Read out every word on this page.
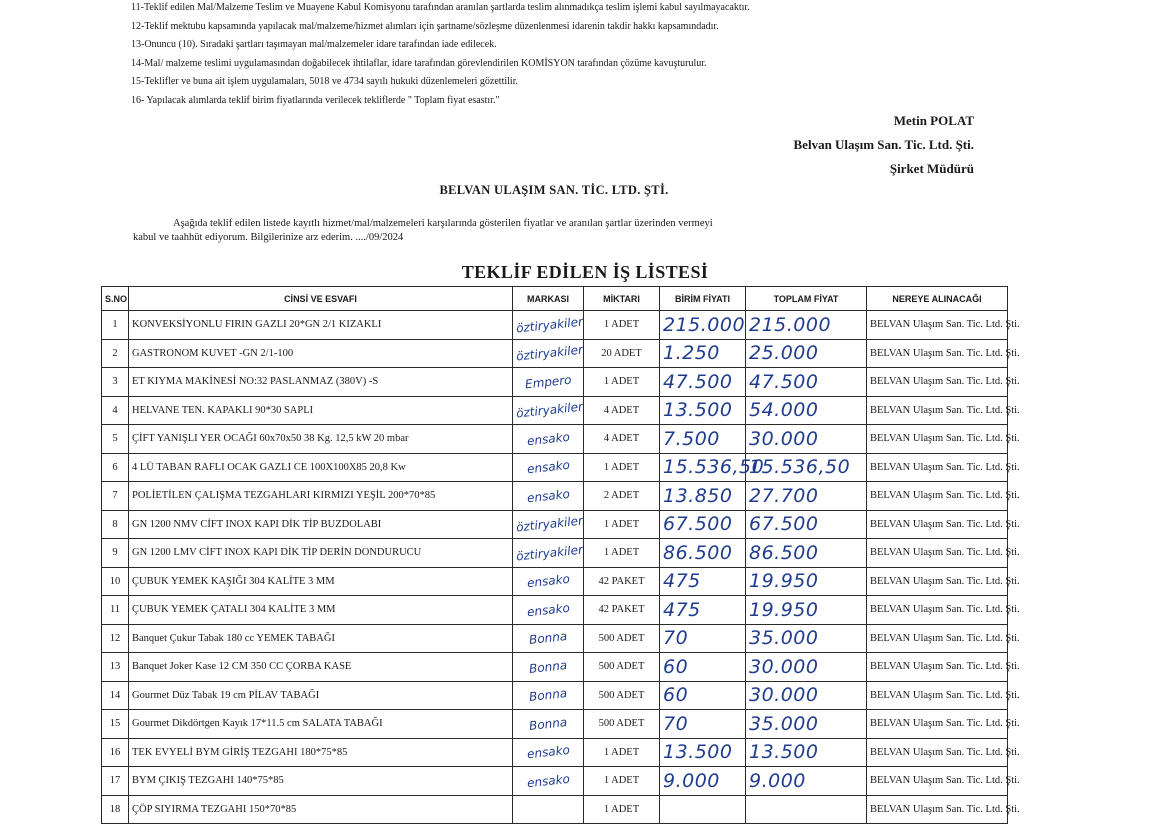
11-Teklif edilen Mal/Malzeme Teslim ve Muayene Kabul Komisyonu tarafından aranılan şartlarda teslim alınmadıkça teslim işlemi kabul sayılmayacaktır.
12-Teklif mektubu kapsamında yapılacak mal/malzeme/hizmet alımları için şartname/sözleşme düzenlenmesi idarenin takdir hakkı kapsamındadır.
13-Onuncu (10). Sıradaki şartları taşımayan mal/malzemeler idare tarafından iade edilecek.
14-Mal/ malzeme teslimi uygulamasından doğabilecek ihtilaflar, idare tarafından görevlendirilen KOMİSYON tarafından çözüme kavuşturulur.
15-Teklifler ve buna ait işlem uygulamaları, 5018 ve 4734 sayılı hukuki düzenlemeleri gözettilir.
16- Yapılacak alımlarda teklif birim fiyatlarında verilecek tekliflerde " Toplam fiyat esastır."
Metin POLAT
Belvan Ulaşım San. Tic. Ltd. Şti.
Şirket Müdürü
BELVAN ULAŞIM SAN. TİC. LTD. ŞTİ.

Aşağıda teklif edilen listede kayıtlı hizmet/mal/malzemeleri karşılarında gösterilen fiyatlar ve aranılan şartlar üzerinden vermeyi

kabul ve taahhüt ediyorum. Bilgilerinize arz ederim. ..../09/2024

TEKLİF EDİLEN İŞ LİSTESİ
S.NO	CİNSİ VE ESVAFI	MARKASI	MİKTARI	BİRİM FİYATI	TOPLAM FİYAT	NEREYE ALINACAĞI
1	KONVEKSİYONLU FIRIN GAZLI 20*GN 2/1 KIZAKLI	öztiryakiler	1 ADET	215.000	215.000	BELVAN Ulaşım San. Tic. Ltd. Şti.
2	GASTRONOM KUVET -GN 2/1-100	öztiryakiler	20 ADET	1.250	25.000	BELVAN Ulaşım San. Tic. Ltd. Şti.
3	ET KIYMA MAKİNESİ NO:32 PASLANMAZ (380V) -S	Empero	1 ADET	47.500	47.500	BELVAN Ulaşım San. Tic. Ltd. Şti.
4	HELVANE TEN. KAPAKLI 90*30 SAPLI	öztiryakiler	4 ADET	13.500	54.000	BELVAN Ulaşım San. Tic. Ltd. Şti.
5	ÇİFT YANIŞLI YER OCAĞI 60x70x50 38 Kg. 12,5 kW 20 mbar	ensako	4 ADET	7.500	30.000	BELVAN Ulaşım San. Tic. Ltd. Şti.
6	4 LÜ TABAN RAFLI OCAK GAZLI CE 100X100X85 20,8 Kw	ensako	1 ADET	15.536,50	15.536,50	BELVAN Ulaşım San. Tic. Ltd. Şti.
7	POLİETİLEN ÇALIŞMA TEZGAHLARI KIRMIZI YEŞİL 200*70*85	ensako	2 ADET	13.850	27.700	BELVAN Ulaşım San. Tic. Ltd. Şti.
8	GN 1200 NMV CİFT INOX KAPI DİK TİP BUZDOLABI	öztiryakiler	1 ADET	67.500	67.500	BELVAN Ulaşım San. Tic. Ltd. Şti.
9	GN 1200 LMV CİFT INOX KAPI DİK TİP DERİN DONDURUCU	öztiryakiler	1 ADET	86.500	86.500	BELVAN Ulaşım San. Tic. Ltd. Şti.
10	ÇUBUK YEMEK KAŞIĞI 304 KALİTE 3 MM	ensako	42 PAKET	475	19.950	BELVAN Ulaşım San. Tic. Ltd. Şti.
11	ÇUBUK YEMEK ÇATALI 304 KALİTE 3 MM	ensako	42 PAKET	475	19.950	BELVAN Ulaşım San. Tic. Ltd. Şti.
12	Banquet Çukur Tabak 180 cc YEMEK TABAĞI	Bonna	500 ADET	70	35.000	BELVAN Ulaşım San. Tic. Ltd. Şti.
13	Banquet Joker Kase 12 CM 350 CC ÇORBA KASE	Bonna	500 ADET	60	30.000	BELVAN Ulaşım San. Tic. Ltd. Şti.
14	Gourmet Düz Tabak 19 cm PİLAV TABAĞI	Bonna	500 ADET	60	30.000	BELVAN Ulaşım San. Tic. Ltd. Şti.
15	Gourmet Dikdörtgen Kayık 17*11.5 cm SALATA TABAĞI	Bonna	500 ADET	70	35.000	BELVAN Ulaşım San. Tic. Ltd. Şti.
16	TEK EVYELİ BYM GİRİŞ TEZGAHI 180*75*85	ensako	1 ADET	13.500	13.500	BELVAN Ulaşım San. Tic. Ltd. Şti.
17	BYM ÇIKIŞ TEZGAHI 140*75*85	ensako	1 ADET	9.000	9.000	BELVAN Ulaşım San. Tic. Ltd. Şti.
18	ÇÖP SIYIRMA TEZGAHI 150*70*85		1 ADET			BELVAN Ulaşım San. Tic. Ltd. Şti.
